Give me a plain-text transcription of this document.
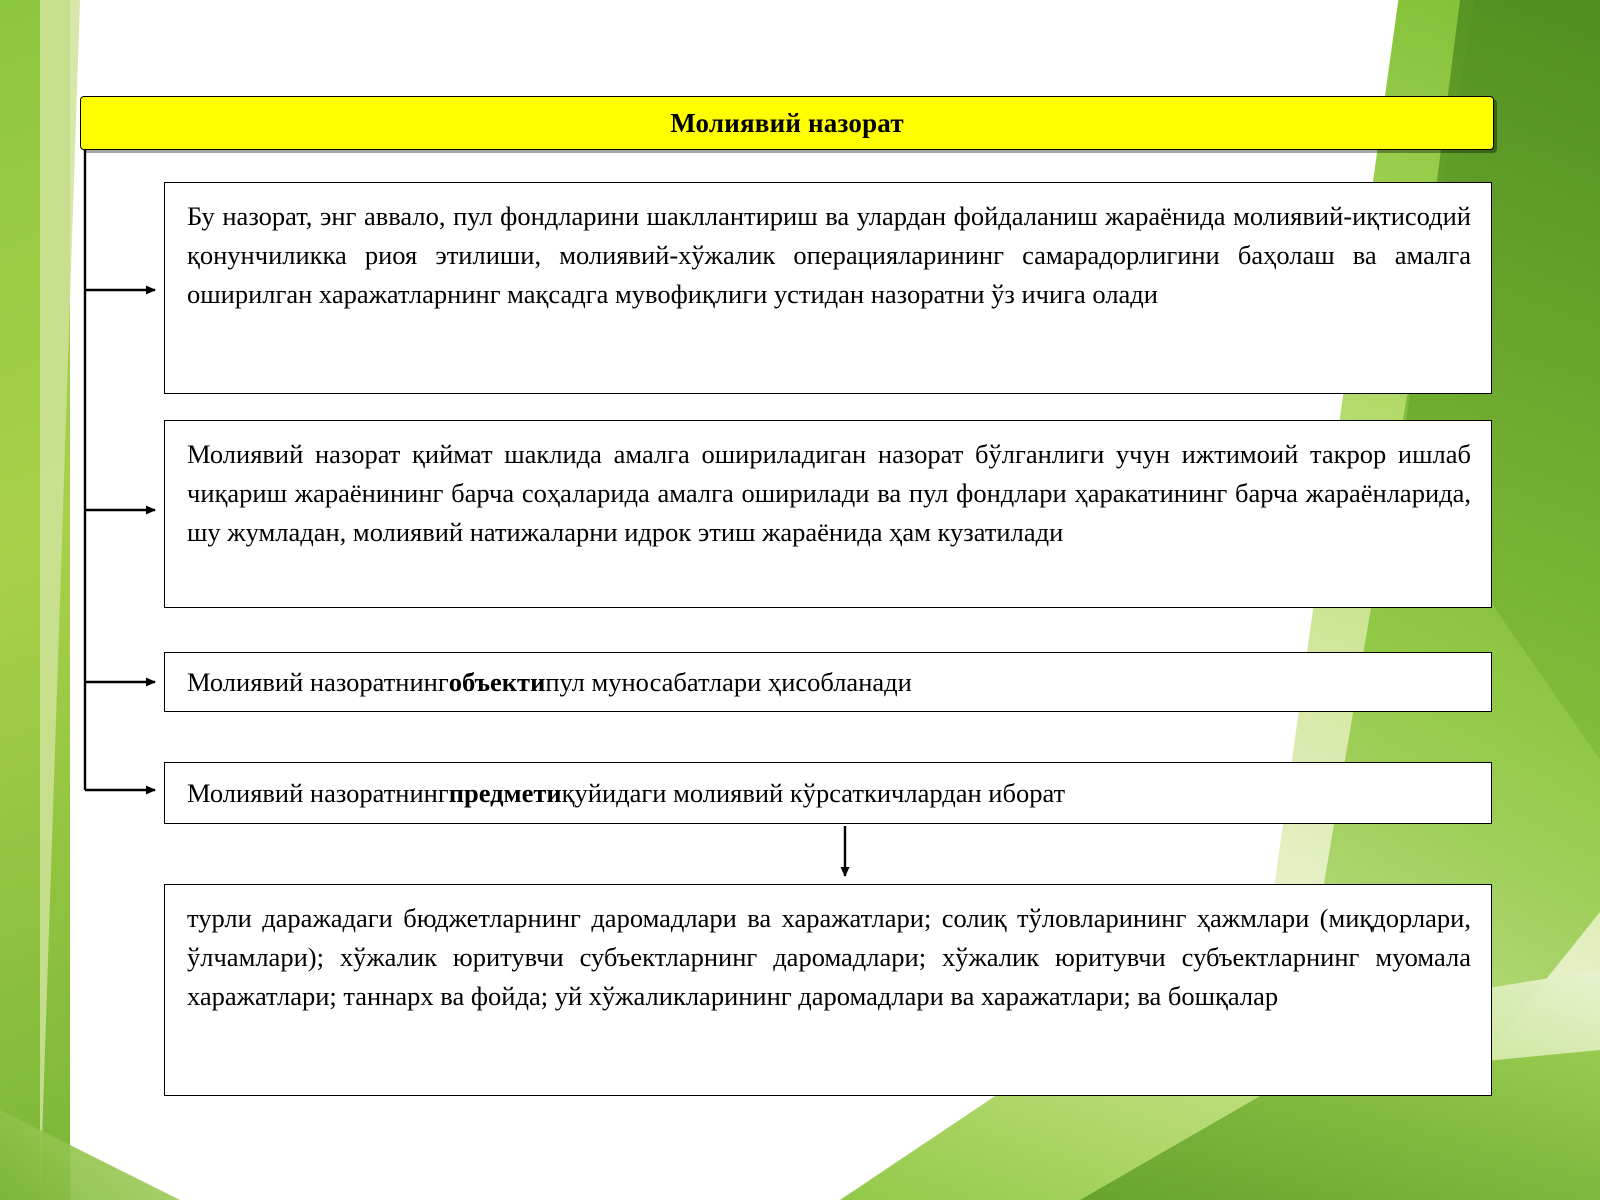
Молиявий назорат
Бу назорат, энг аввало, пул фондларини шакллантириш ва улардан фойдаланиш жараёнида молиявий-иқтисодий қонунчиликка риоя этилиши, молиявий-хўжалик операцияларининг самарадорлигини баҳолаш ва амалга оширилган харажатларнинг мақсадга мувофиқлиги устидан назоратни ўз ичига олади
Молиявий назорат қиймат шаклида амалга ошириладиган назорат бўлганлиги учун ижтимоий такрор ишлаб чиқариш жараёнининг барча соҳаларида амалга оширилади ва пул фондлари ҳаракатининг барча жараёнларида, шу жумладан, молиявий натижаларни идрок этиш жараёнида ҳам кузатилади
Молиявий назоратнинг объекти пул муносабатлари ҳисобланади
Молиявий назоратнинг предмети қуйидаги молиявий кўрсаткичлардан иборат
турли даражадаги бюджетларнинг даромадлари ва харажатлари; солиқ тўловларининг ҳажмлари (миқдорлари, ўлчамлари); хўжалик юритувчи субъектларнинг даромадлари; хўжалик юритувчи субъектларнинг муомала харажатлари; таннарх ва фойда; уй хўжаликларининг даромадлари ва харажатлари; ва бошқалар
